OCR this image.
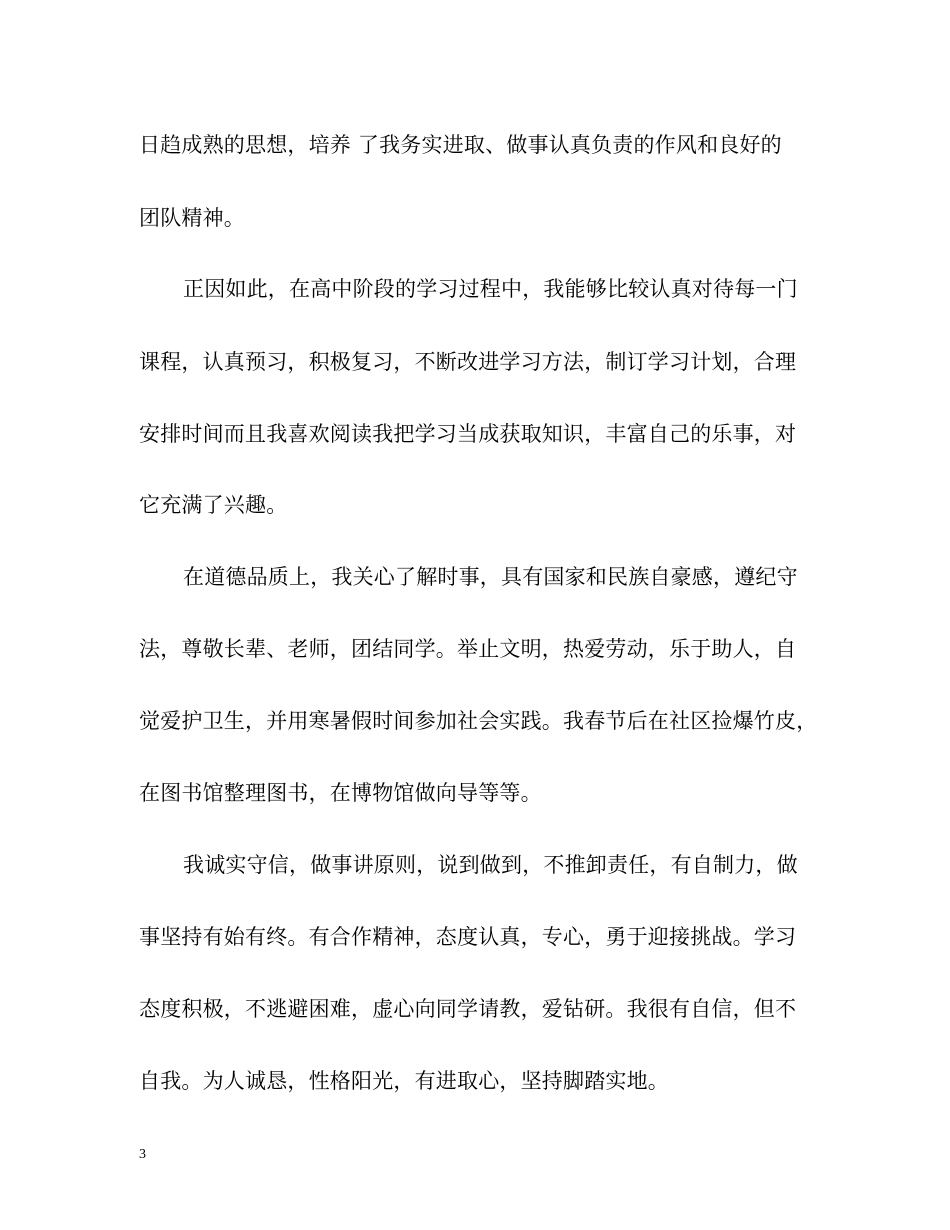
日趋成熟的思想，培养 了我务实进取、做事认真负责的作风和良好的
团队精神。
正因如此，在高中阶段的学习过程中，我能够比较认真对待每一门
课程，认真预习，积极复习，不断改进学习方法，制订学习计划，合理
安排时间而且我喜欢阅读我把学习当成获取知识，丰富自己的乐事，对
它充满了兴趣。
在道德品质上，我关心了解时事，具有国家和民族自豪感，遵纪守
法，尊敬长辈、老师，团结同学。举止文明，热爱劳动，乐于助人，自
觉爱护卫生，并用寒暑假时间参加社会实践。我春节后在社区捡爆竹皮，
在图书馆整理图书，在博物馆做向导等等。
我诚实守信，做事讲原则，说到做到，不推卸责任，有自制力，做
事坚持有始有终。有合作精神，态度认真，专心，勇于迎接挑战。学习
态度积极，不逃避困难，虚心向同学请教，爱钻研。我很有自信，但不
自我。为人诚恳，性格阳光，有进取心，坚持脚踏实地。
3
